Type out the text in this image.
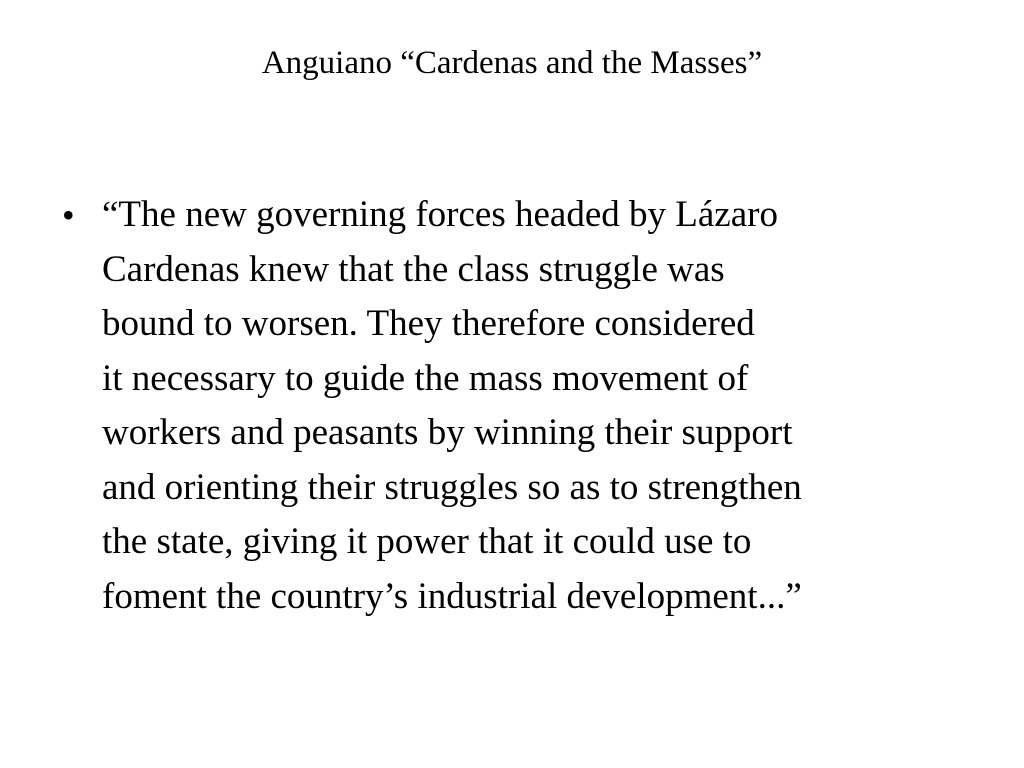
Anguiano “Cardenas and the Masses”
• “The new governing forces headed by Lázaro
Cardenas knew that the class struggle was
bound to worsen. They therefore considered
it necessary to guide the mass movement of
workers and peasants by winning their support
and orienting their struggles so as to strengthen
the state, giving it power that it could use to
foment the country’s industrial development...”
